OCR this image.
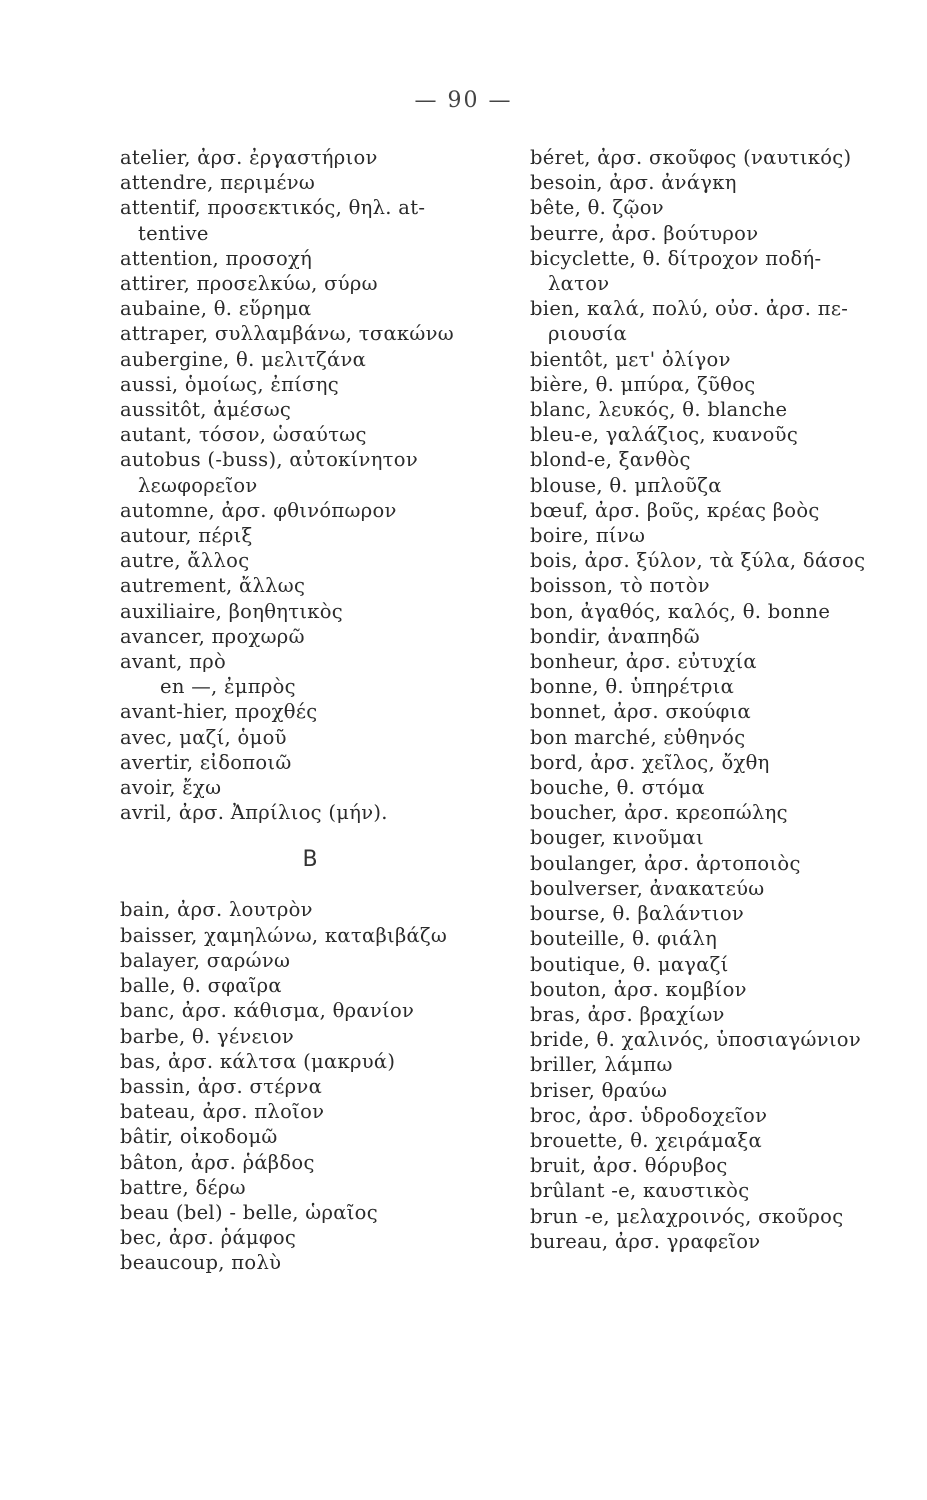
— 90 —
atelier, ἀρσ. ἐργαστήριον
attendre, περιμένω
attentif, προσεκτικός, θηλ. at-
tentive
attention, προσοχή
attirer, προσελκύω, σύρω
aubaine, θ. εὕρημα
attraper, συλλαμβάνω, τσακώνω
aubergine, θ. μελιτζάνα
aussi, ὁμοίως, ἐπίσης
aussitôt, ἀμέσως
autant, τόσον, ὡσαύτως
autobus (-buss), αὐτοκίνητον
λεωφορεῖον
automne, ἀρσ. φθινόπωρον
autour, πέριξ
autre, ἄλλος
autrement, ἄλλως
auxiliaire, βοηθητικὸς
avancer, προχωρῶ
avant, πρὸ
en —, ἐμπρὸς
avant-hier, προχθές
avec, μαζί, ὁμοῦ
avertir, εἰδοποιῶ
avoir, ἔχω
avril, ἀρσ. Ἀπρίλιος (μήν).
B
bain, ἀρσ. λουτρὸν
baisser, χαμηλώνω, καταβιβάζω
balayer, σαρώνω
balle, θ. σφαῖρα
banc, ἀρσ. κάθισμα, θρανίον
barbe, θ. γένειον
bas, ἀρσ. κάλτσα (μακρυά)
bassin, ἀρσ. στέρνα
bateau, ἀρσ. πλοῖον
bâtir, οἰκοδομῶ
bâton, ἀρσ. ῥάβδος
battre, δέρω
beau (bel) - belle, ὡραῖος
bec, ἀρσ. ῥάμφος
beaucoup, πολὺ
béret, ἀρσ. σκοῦφος (ναυτικός)
besoin, ἀρσ. ἀνάγκη
bête, θ. ζῷον
beurre, ἀρσ. βούτυρον
bicyclette, θ. δίτροχον ποδή-
λατον
bien, καλά, πολύ, οὐσ. ἀρσ. πε-
ριουσία
bientôt, μετ' ὀλίγον
bière, θ. μπύρα, ζῦθος
blanc, λευκός, θ. blanche
bleu-e, γαλάζιος, κυανοῦς
blond-e, ξανθὸς
blouse, θ. μπλοῦζα
bœuf, ἀρσ. βοῦς, κρέας βοὸς
boire, πίνω
bois, ἀρσ. ξύλον, τὰ ξύλα, δάσος
boisson, τὸ ποτὸν
bon, ἀγαθός, καλός, θ. bonne
bondir, ἀναπηδῶ
bonheur, ἀρσ. εὐτυχία
bonne, θ. ὑπηρέτρια
bonnet, ἀρσ. σκούφια
bon marché, εὐθηνός
bord, ἀρσ. χεῖλος, ὄχθη
bouche, θ. στόμα
boucher, ἀρσ. κρεοπώλης
bouger, κινοῦμαι
boulanger, ἀρσ. ἀρτοποιὸς
boulverser, ἀνακατεύω
bourse, θ. βαλάντιον
bouteille, θ. φιάλη
boutique, θ. μαγαζί
bouton, ἀρσ. κομβίον
bras, ἀρσ. βραχίων
bride, θ. χαλινός, ὑποσιαγώνιον
briller, λάμπω
briser, θραύω
broc, ἀρσ. ὑδροδοχεῖον
brouette, θ. χειράμαξα
bruit, ἀρσ. θόρυβος
brûlant -e, καυστικὸς
brun -e, μελαχροινός, σκοῦρος
bureau, ἀρσ. γραφεῖον
